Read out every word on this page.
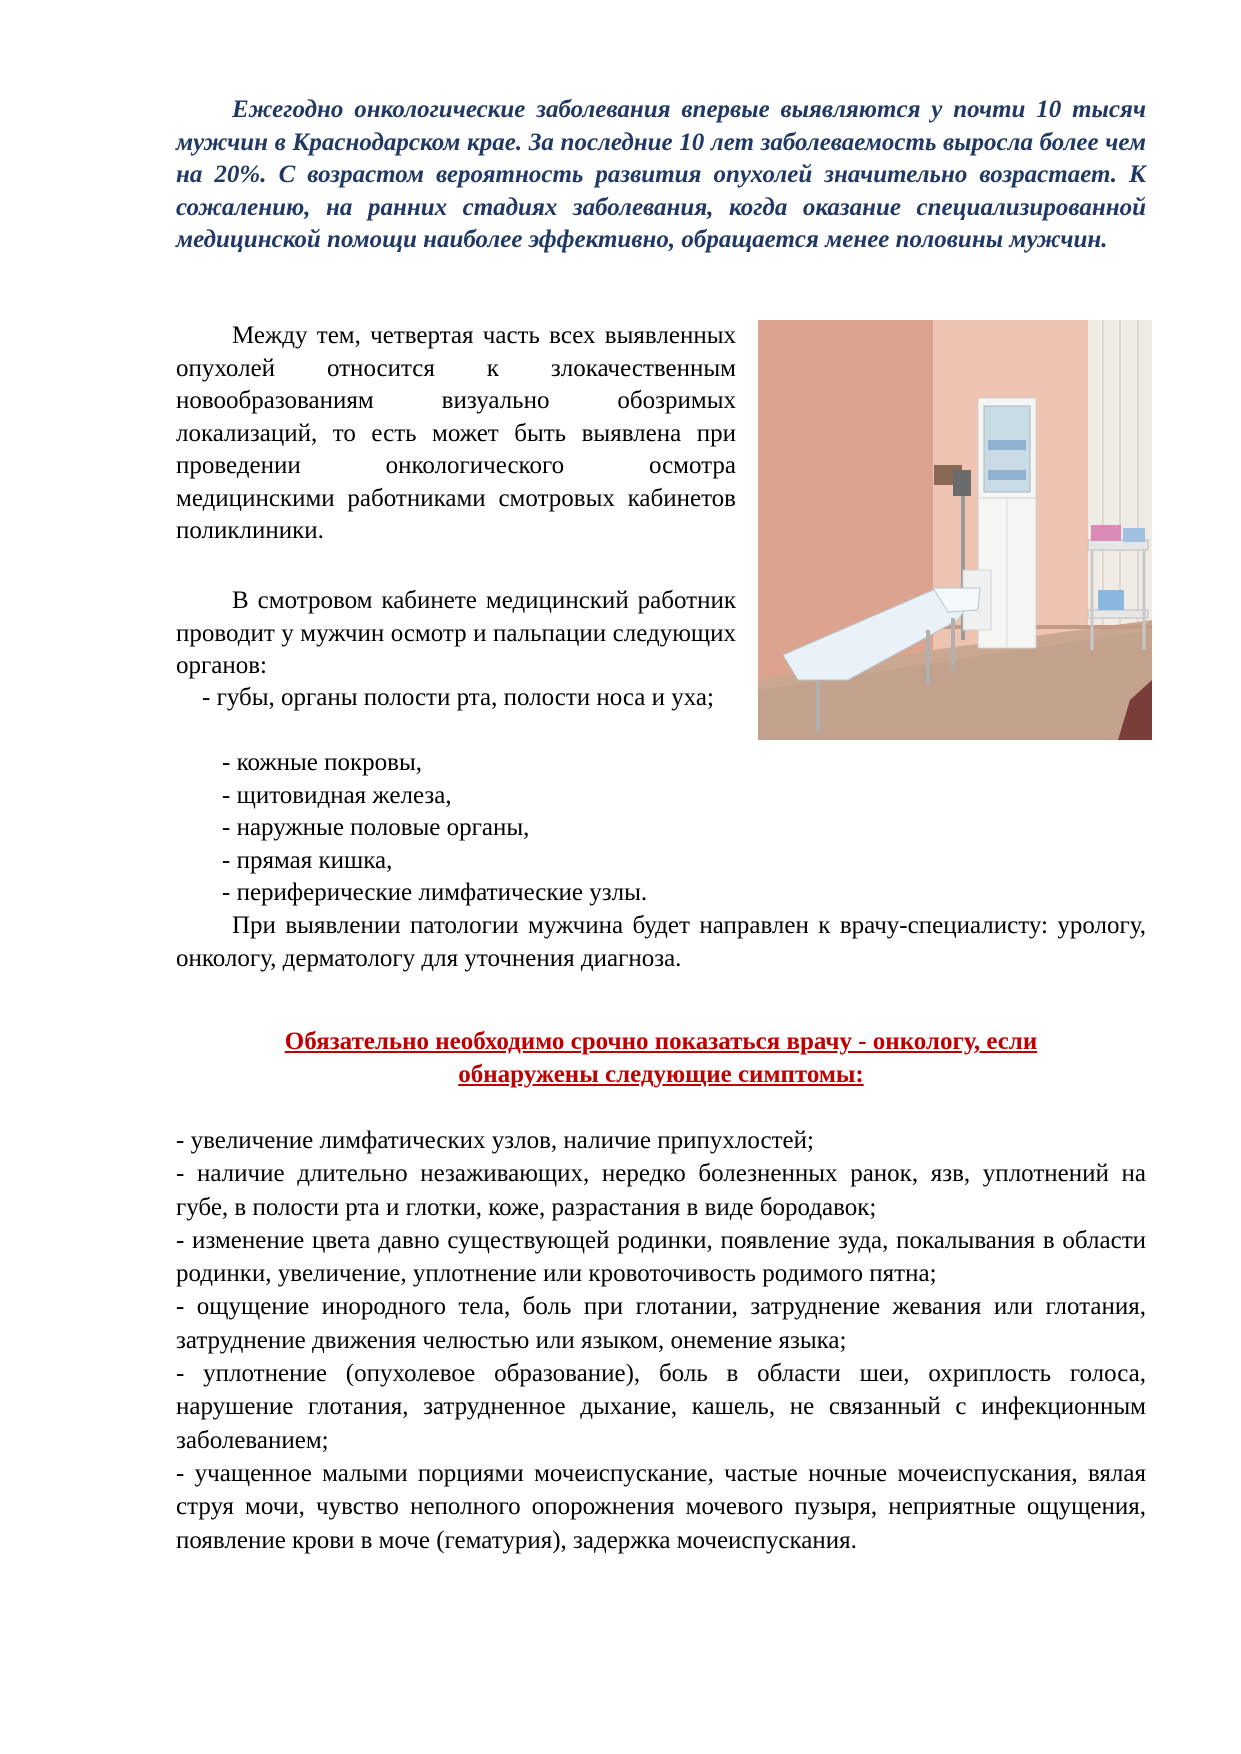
Ежегодно онкологические заболевания впервые выявляются у почти 10 тысяч мужчин в Краснодарском крае. За последние 10 лет заболеваемость выросла более чем на 20%. С возрастом вероятность развития опухолей значительно возрастает. К сожалению, на ранних стадиях заболевания, когда оказание специализированной медицинской помощи наиболее эффективно, обращается менее половины мужчин.

Между тем, четвертая часть всех выявленных опухолей относится к злокачественным новообразованиям визуально обозримых локализаций, то есть может быть выявлена при проведении онкологического осмотра медицинскими работниками смотровых кабинетов поликлиники.

В смотровом кабинете медицинский работник проводит у мужчин осмотр и пальпации следующих органов:

- губы, органы полости рта, полости носа и уха;

- кожные покровы,

- щитовидная железа,

- наружные половые органы,

- прямая кишка,

- периферические лимфатические узлы.

При выявлении патологии мужчина будет направлен к врачу-специалисту: урологу, онкологу, дерматологу для уточнения диагноза.

Обязательно необходимо срочно показаться врачу - онкологу, если
обнаружены следующие симптомы:

- увеличение лимфатических узлов, наличие припухлостей;
- наличие длительно незаживающих, нередко болезненных ранок, язв, уплотнений на губе, в полости рта и глотки, коже, разрастания в виде бородавок;
- изменение цвета давно существующей родинки, появление зуда, покалывания в области родинки, увеличение, уплотнение или кровоточивость родимого пятна;
- ощущение инородного тела, боль при глотании, затруднение жевания или глотания, затруднение движения челюстью или языком, онемение языка;
- уплотнение (опухолевое образование), боль в области шеи, охриплость голоса, нарушение глотания, затрудненное дыхание, кашель, не связанный с инфекционным заболеванием;
- учащенное малыми порциями мочеиспускание, частые ночные мочеиспускания, вялая струя мочи, чувство неполного опорожнения мочевого пузыря, неприятные ощущения, появление крови в моче (гематурия), задержка мочеиспускания.
